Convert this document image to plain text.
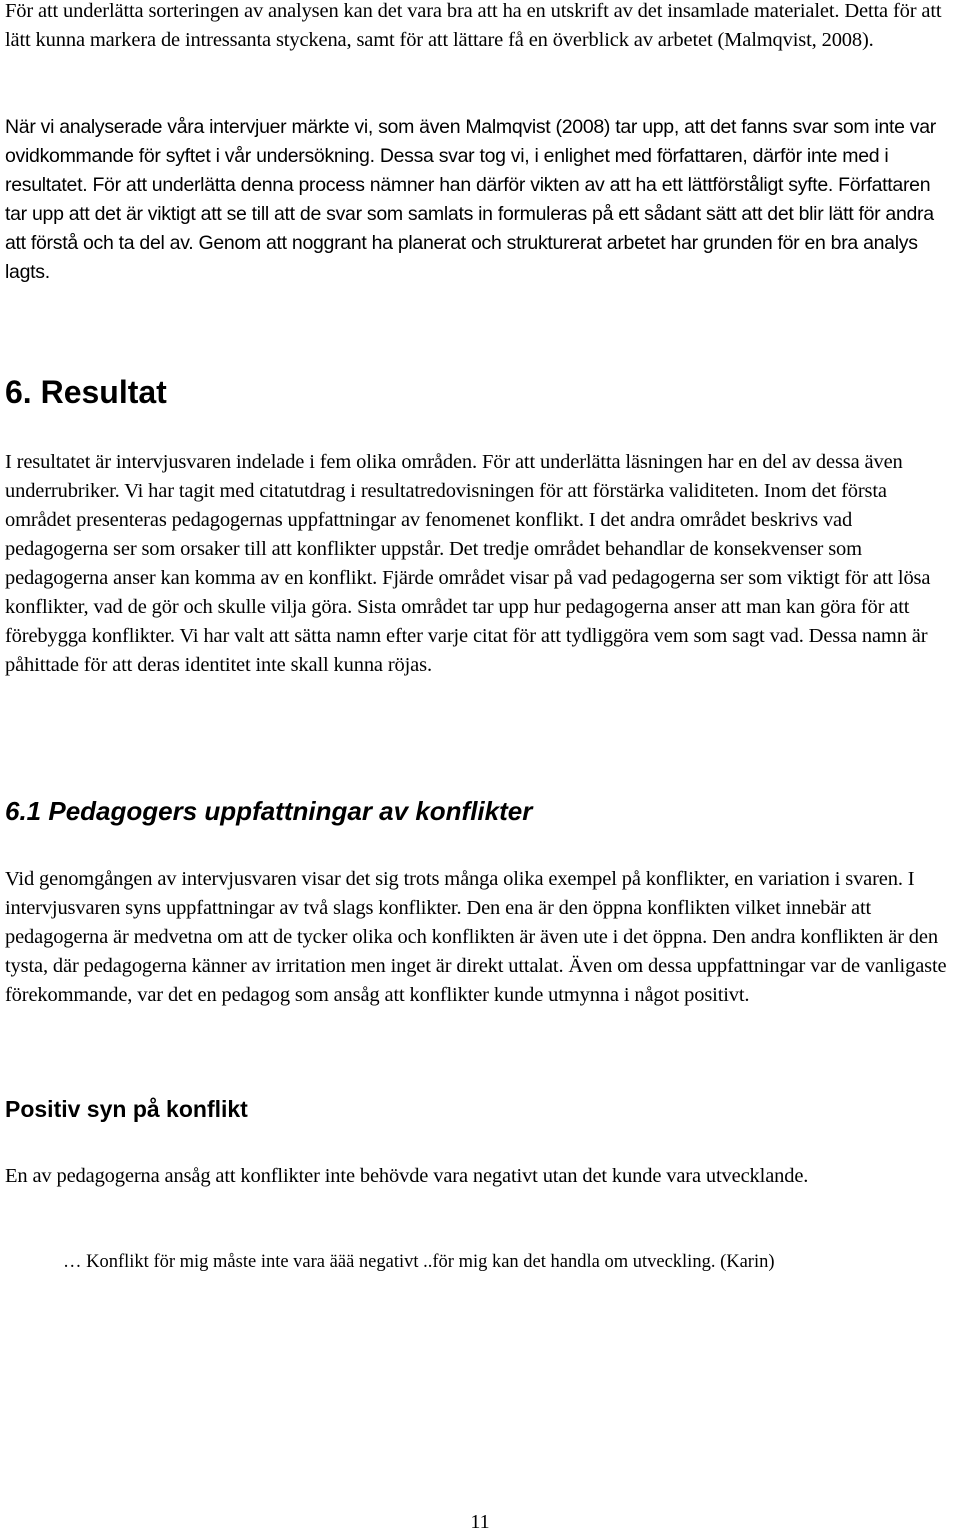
För att underlätta sorteringen av analysen kan det vara bra att ha en utskrift av det insamlade materialet. Detta för att lätt kunna markera de intressanta styckena, samt för att lättare få en överblick av arbetet (Malmqvist, 2008).

När vi analyserade våra intervjuer märkte vi, som även Malmqvist (2008) tar upp, att det fanns svar som inte var ovidkommande för syftet i vår undersökning. Dessa svar tog vi, i enlighet med författaren, därför inte med i resultatet. För att underlätta denna process nämner han därför vikten av att ha ett lättförståligt syfte. Författaren tar upp att det är viktigt att se till att de svar som samlats in formuleras på ett sådant sätt att det blir lätt för andra att förstå och ta del av. Genom att noggrant ha planerat och strukturerat arbetet har grunden för en bra analys lagts.

6. Resultat

I resultatet är intervjusvaren indelade i fem olika områden. För att underlätta läsningen har en del av dessa även underrubriker. Vi har tagit med citatutdrag i resultatredovisningen för att förstärka validiteten. Inom det första området presenteras pedagogernas uppfattningar av fenomenet konflikt. I det andra området beskrivs vad pedagogerna ser som orsaker till att konflikter uppstår. Det tredje området behandlar de konsekvenser som pedagogerna anser kan komma av en konflikt. Fjärde området visar på vad pedagogerna ser som viktigt för att lösa konflikter, vad de gör och skulle vilja göra. Sista området tar upp hur pedagogerna anser att man kan göra för att förebygga konflikter. Vi har valt att sätta namn efter varje citat för att tydliggöra vem som sagt vad. Dessa namn är påhittade för att deras identitet inte skall kunna röjas.

6.1 Pedagogers uppfattningar av konflikter

Vid genomgången av intervjusvaren visar det sig trots många olika exempel på konflikter, en variation i svaren. I intervjusvaren syns uppfattningar av två slags konflikter. Den ena är den öppna konflikten vilket innebär att pedagogerna är medvetna om att de tycker olika och konflikten är även ute i det öppna. Den andra konflikten är den tysta, där pedagogerna känner av irritation men inget är direkt uttalat. Även om dessa uppfattningar var de vanligaste förekommande, var det en pedagog som ansåg att konflikter kunde utmynna i något positivt.

Positiv syn på konflikt

En av pedagogerna ansåg att konflikter inte behövde vara negativt utan det kunde vara utvecklande.

… Konflikt för mig måste inte vara äää negativt ..för mig kan det handla om utveckling. (Karin)

11
